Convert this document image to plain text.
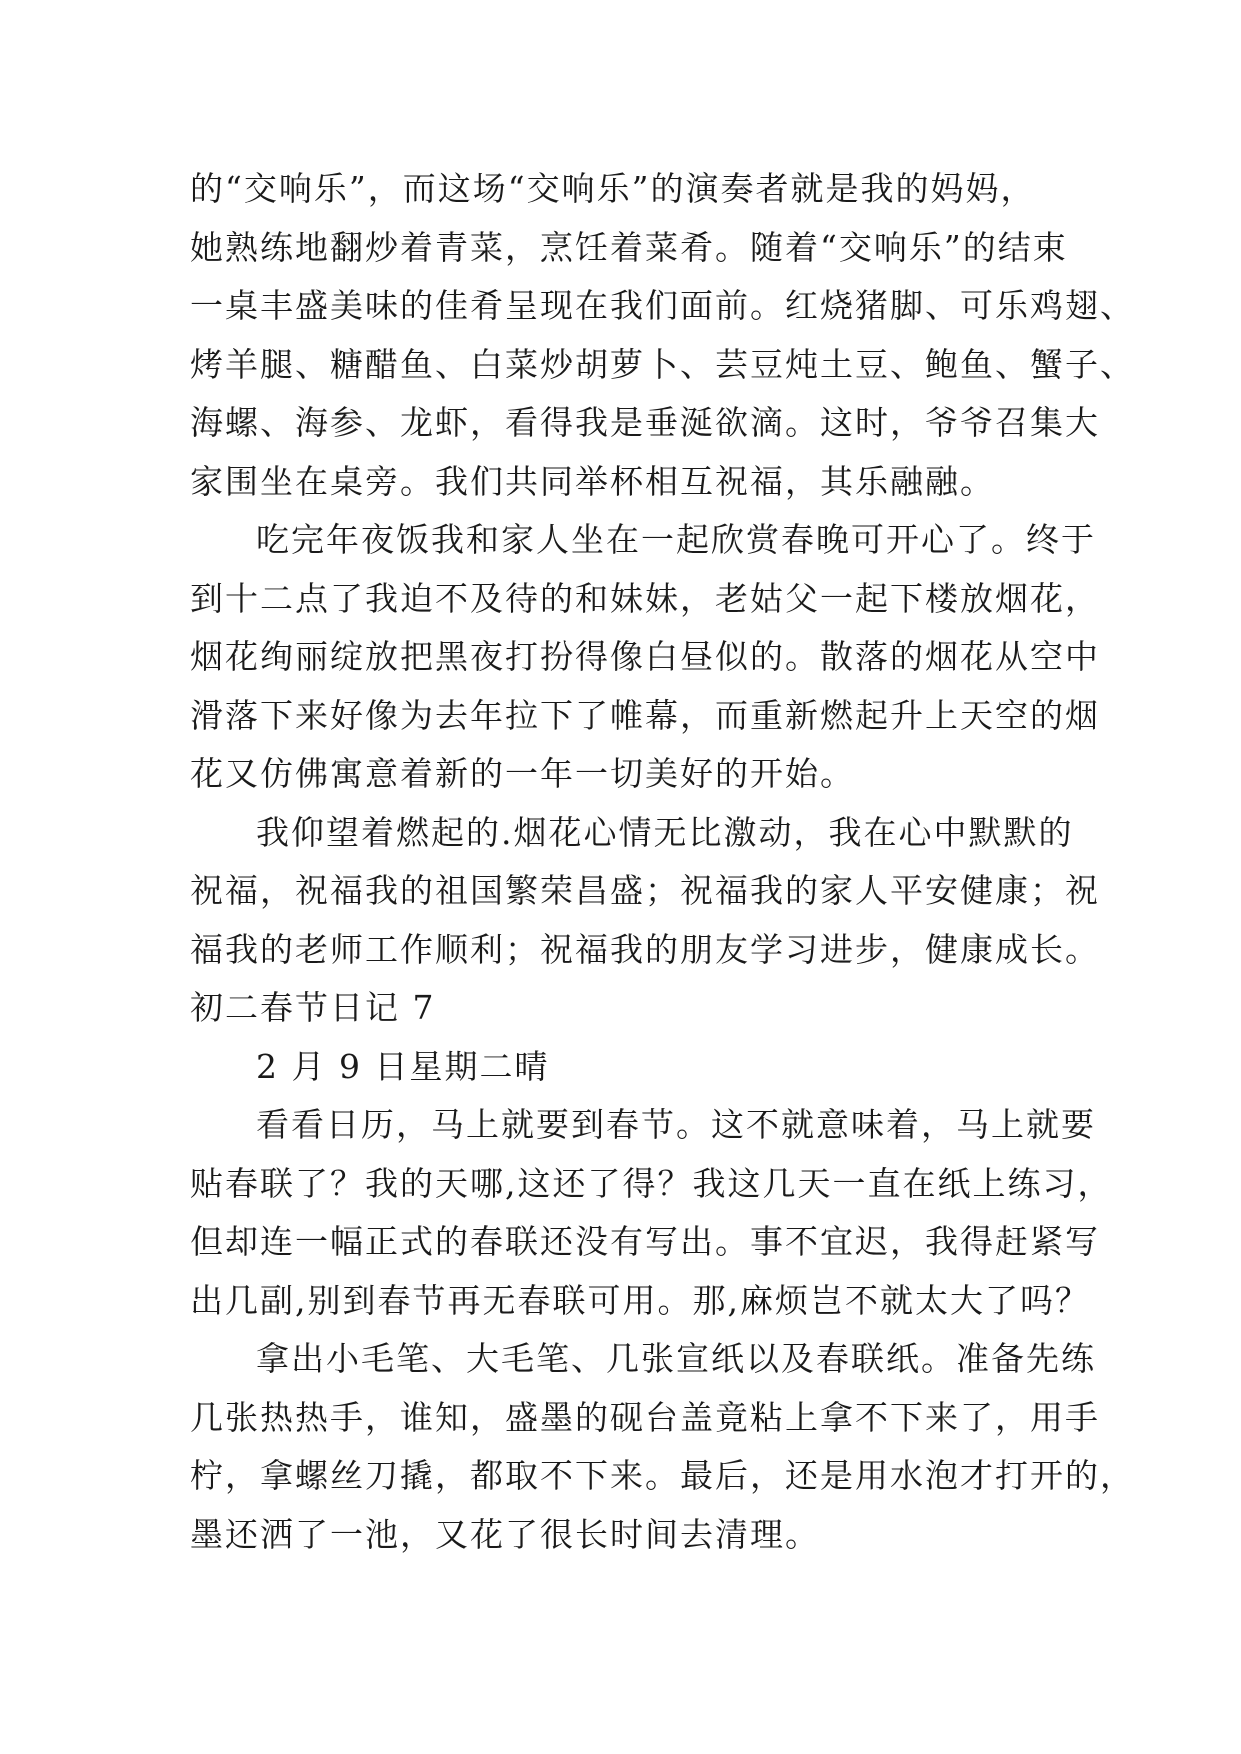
的“交响乐”，而这场“交响乐”的演奏者就是我的妈妈，
她熟练地翻炒着青菜，烹饪着菜肴。随着“交响乐”的结束
一桌丰盛美味的佳肴呈现在我们面前。红烧猪脚、可乐鸡翅、
烤羊腿、糖醋鱼、白菜炒胡萝卜、芸豆炖土豆、鲍鱼、蟹子、
海螺、海参、龙虾，看得我是垂涎欲滴。这时，爷爷召集大
家围坐在桌旁。我们共同举杯相互祝福，其乐融融。
吃完年夜饭我和家人坐在一起欣赏春晚可开心了。终于
到十二点了我迫不及待的和妹妹，老姑父一起下楼放烟花，
烟花绚丽绽放把黑夜打扮得像白昼似的。散落的烟花从空中
滑落下来好像为去年拉下了帷幕，而重新燃起升上天空的烟
花又仿佛寓意着新的一年一切美好的开始。
我仰望着燃起的.烟花心情无比激动，我在心中默默的
祝福，祝福我的祖国繁荣昌盛；祝福我的家人平安健康；祝
福我的老师工作顺利；祝福我的朋友学习进步，健康成长。
初二春节日记 7
2 月 9 日星期二晴
看看日历，马上就要到春节。这不就意味着，马上就要
贴春联了？我的天哪,这还了得？我这几天一直在纸上练习，
但却连一幅正式的春联还没有写出。事不宜迟，我得赶紧写
出几副,别到春节再无春联可用。那,麻烦岂不就太大了吗？
拿出小毛笔、大毛笔、几张宣纸以及春联纸。准备先练
几张热热手，谁知，盛墨的砚台盖竟粘上拿不下来了，用手
柠，拿螺丝刀撬，都取不下来。最后，还是用水泡才打开的，
墨还洒了一池，又花了很长时间去清理。
